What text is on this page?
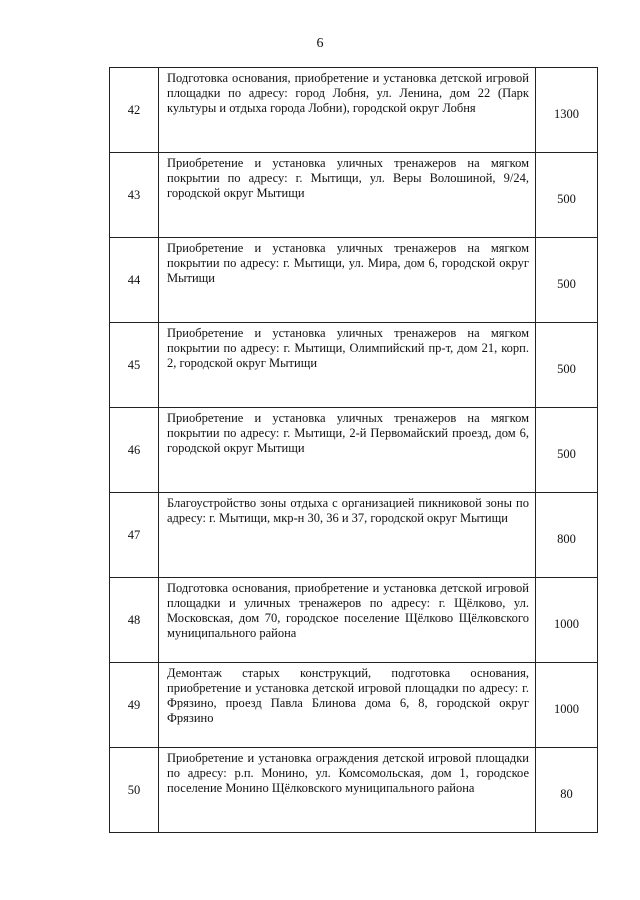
6
42	Подготовка основания, приобретение и установка детской игровой площадки по адресу: город Лобня, ул. Ленина, дом 22 (Парк культуры и отдыха города Лобни), городской округ Лобня	1300
43	Приобретение и установка уличных тренажеров на мягком покрытии по адресу: г. Мытищи, ул. Веры Волошиной, 9/24, городской округ Мытищи	500
44	Приобретение и установка уличных тренажеров на мягком покрытии по адресу: г. Мытищи, ул. Мира, дом 6, городской округ Мытищи	500
45	Приобретение и установка уличных тренажеров на мягком покрытии по адресу: г. Мытищи, Олимпийский пр-т, дом 21, корп. 2, городской округ Мытищи	500
46	Приобретение и установка уличных тренажеров на мягком покрытии по адресу: г. Мытищи, 2-й Первомайский проезд, дом 6, городской округ Мытищи	500
47	Благоустройство зоны отдыха с организацией пикниковой зоны по адресу: г. Мытищи, мкр-н 30, 36 и 37, городской округ Мытищи	800
48	Подготовка основания, приобретение и установка детской игровой площадки и уличных тренажеров по адресу: г. Щёлково, ул. Московская, дом 70, городское поселение Щёлково Щёлковского муниципального района	1000
49	Демонтаж старых конструкций, подготовка основания, приобретение и установка детской игровой площадки по адресу: г. Фрязино, проезд Павла Блинова дома 6, 8, городской округ Фрязино	1000
50	Приобретение и установка ограждения детской игровой площадки по адресу: р.п. Монино, ул. Комсомольская, дом 1, городское поселение Монино Щёлковского муниципального района	80
